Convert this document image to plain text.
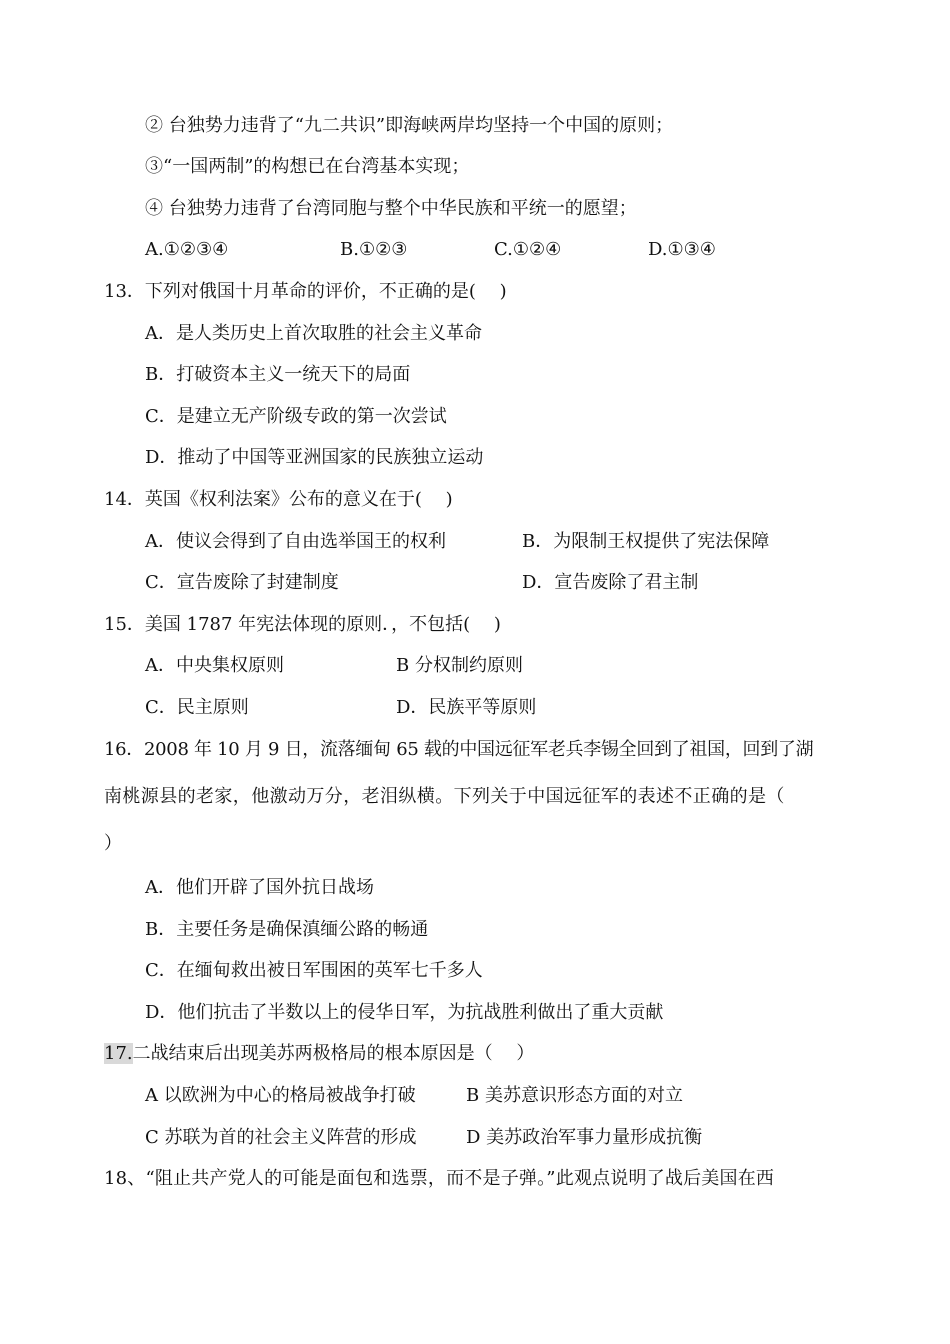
② 台独势力违背了“九二共识”即海峡两岸均坚持一个中国的原则；
③“一国两制”的构想已在台湾基本实现；
④ 台独势力违背了台湾同胞与整个中华民族和平统一的愿望；
A.①②③④	B.①②③	C.①②④	D.①③④
13．下列对俄国十月革命的评价，不正确的是(　 )
A．是人类历史上首次取胜的社会主义革命
B．打破资本主义一统天下的局面
C．是建立无产阶级专政的第一次尝试
D．推动了中国等亚洲国家的民族独立运动
14．英国《权利法案》公布的意义在于(　 )
A．使议会得到了自由选举国王的权利	B．为限制王权提供了宪法保障
C．宣告废除了封建制度	D．宣告废除了君主制
15．美国 1787 年宪法体现的原则．，不包括(　 )
A．中央集权原则	B 分权制约原则
C．民主原则	D．民族平等原则
16．2008 年 10 月 9 日，流落缅甸 65 载的中国远征军老兵李锡全回到了祖国，回到了湖
南桃源县的老家，他激动万分，老泪纵横。下列关于中国远征军的表述不正确的是（
）
A．他们开辟了国外抗日战场
B．主要任务是确保滇缅公路的畅通
C．在缅甸救出被日军围困的英军七千多人
D．他们抗击了半数以上的侵华日军，为抗战胜利做出了重大贡献
17.二战结束后出现美苏两极格局的根本原因是（　 ）
A 以欧洲为中心的格局被战争打破	B 美苏意识形态方面的对立
C 苏联为首的社会主义阵营的形成	D 美苏政治军事力量形成抗衡
18、“阻止共产党人的可能是面包和选票，而不是子弹。”此观点说明了战后美国在西
